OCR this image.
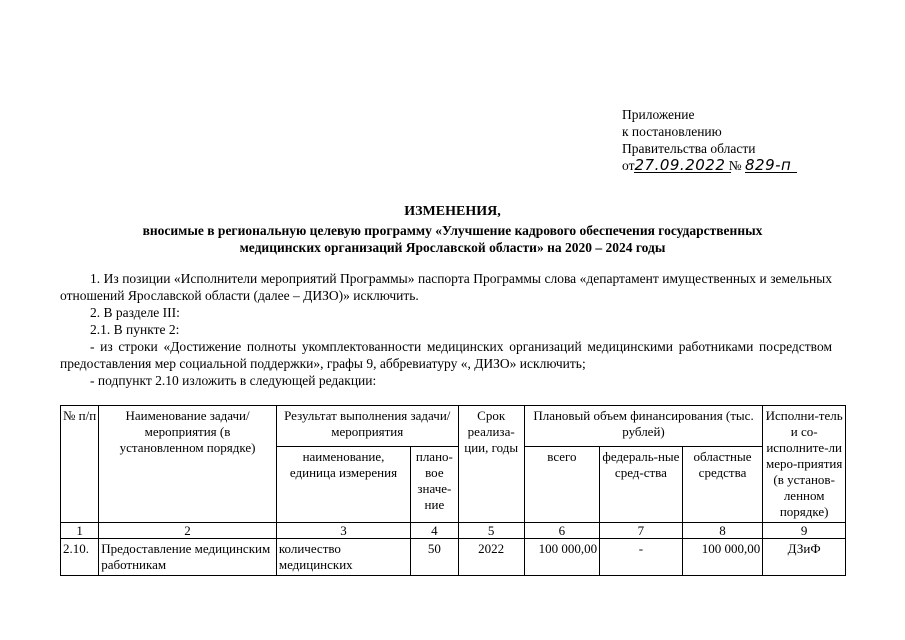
Приложение
к постановлению
Правительства области
от27.09.2022 № 829-п
ИЗМЕНЕНИЯ,
вносимые в региональную целевую программу «Улучшение кадрового обеспечения государственных
медицинских организаций Ярославской области» на 2020 – 2024 годы

1. Из позиции «Исполнители мероприятий Программы» паспорта Программы слова «департамент имущественных и земельных отношений Ярославской области (далее – ДИЗО)» исключить.

2. В разделе III:

2.1. В пункте 2:

- из строки «Достижение полноты укомплектованности медицинских организаций медицинскими работниками посредством предоставления мер социальной поддержки», графы 9, аббревиатуру «, ДИЗО» исключить;

- подпункт 2.10 изложить в следующей редакции:

№ п/п	Наименование задачи/мероприятия (в установленном порядке)	Результат выполнения задачи/мероприятия		Срок реализа-ции, годы	Плановый объем финансирования (тыс. рублей)			Исполни-тель и со-исполните-ли меро-приятия (в установ-ленном порядке)
		наименование, единица измерения	плано-вое значе-ние		всего	федераль-ные сред-ства	областные средства	
1	2	3	4	5	6	7	8	9
2.10.	Предоставление медицинским работникам	количество медицинских	50	2022	100 000,00	-	100 000,00	ДЗиФ
